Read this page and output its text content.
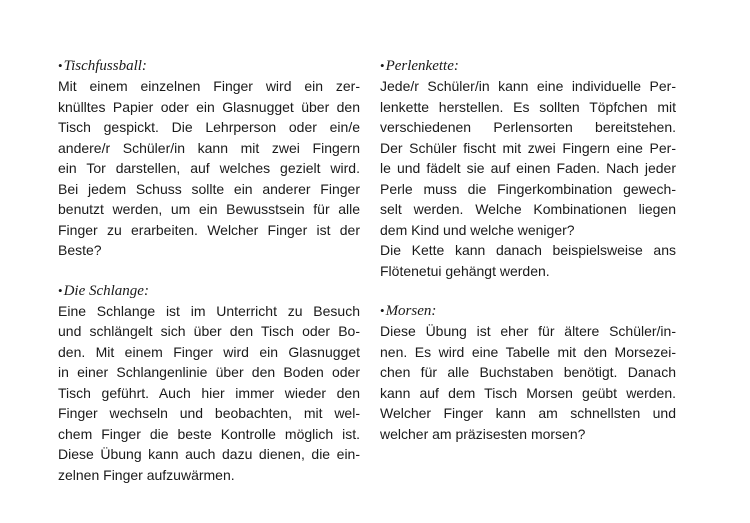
•Tischfussball:
Mit einem einzelnen Finger wird ein zer-
knülltes Papier oder ein Glasnugget über den
Tisch gespickt. Die Lehrperson oder ein/e
andere/r Schüler/in kann mit zwei Fingern
ein Tor darstellen, auf welches gezielt wird.
Bei jedem Schuss sollte ein anderer Finger
benutzt werden, um ein Bewusstsein für alle
Finger zu erarbeiten. Welcher Finger ist der
Beste?
•Die Schlange:
Eine Schlange ist im Unterricht zu Besuch
und schlängelt sich über den Tisch oder Bo-
den. Mit einem Finger wird ein Glasnugget
in einer Schlangenlinie über den Boden oder
Tisch geführt. Auch hier immer wieder den
Finger wechseln und beobachten, mit wel-
chem Finger die beste Kontrolle möglich ist.
Diese Übung kann auch dazu dienen, die ein-
zelnen Finger aufzuwärmen.
•Perlenkette:
Jede/r Schüler/in kann eine individuelle Per-
lenkette herstellen. Es sollten Töpfchen mit
verschiedenen Perlensorten bereitstehen.
Der Schüler fischt mit zwei Fingern eine Per-
le und fädelt sie auf einen Faden. Nach jeder
Perle muss die Fingerkombination gewech-
selt werden. Welche Kombinationen liegen
dem Kind und welche weniger?
Die Kette kann danach beispielsweise ans
Flötenetui gehängt werden.
•Morsen:
Diese Übung ist eher für ältere Schüler/in-
nen. Es wird eine Tabelle mit den Morsezei-
chen für alle Buchstaben benötigt. Danach
kann auf dem Tisch Morsen geübt werden.
Welcher Finger kann am schnellsten und
welcher am präzisesten morsen?
